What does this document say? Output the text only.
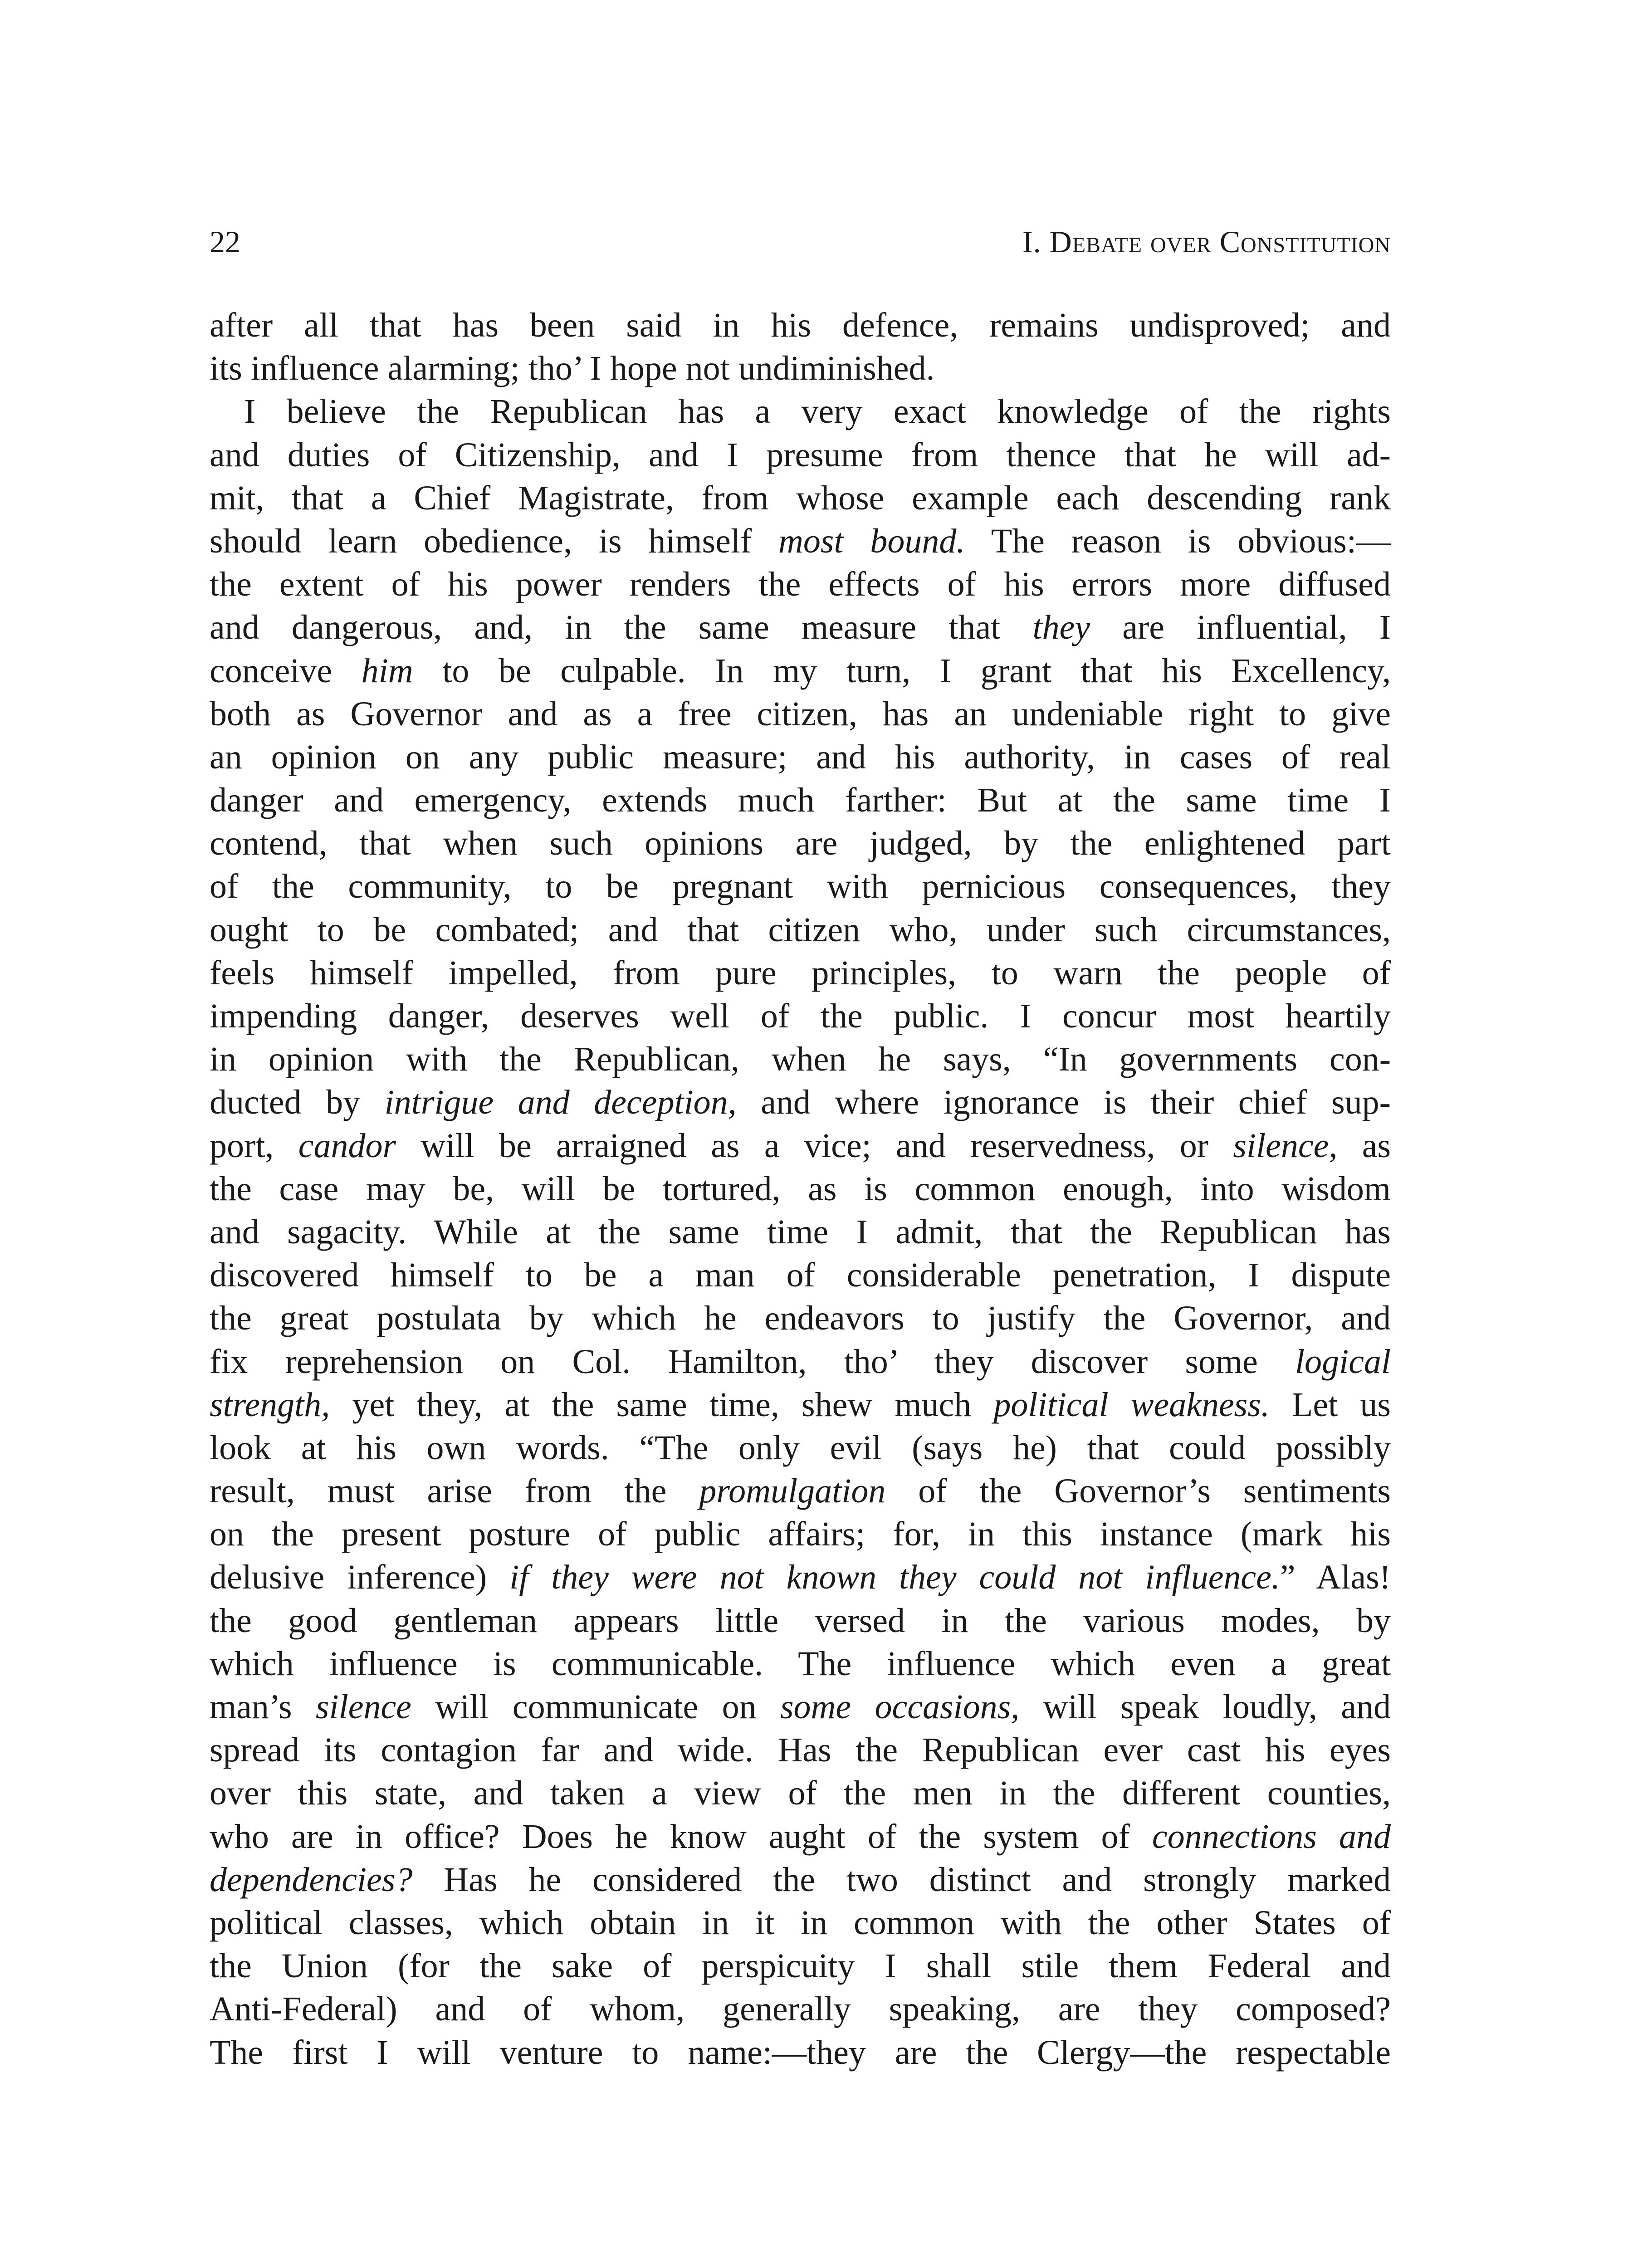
22	I. Debate over Constitution
after all that has been said in his defence, remains undisproved; and
its influence alarming; tho’ I hope not undiminished.
I believe the Republican has a very exact knowledge of the rights
and duties of Citizenship, and I presume from thence that he will ad-
mit, that a Chief Magistrate, from whose example each descending rank
should learn obedience, is himself most bound. The reason is obvious:—
the extent of his power renders the effects of his errors more diffused
and dangerous, and, in the same measure that they are influential, I
conceive him to be culpable. In my turn, I grant that his Excellency,
both as Governor and as a free citizen, has an undeniable right to give
an opinion on any public measure; and his authority, in cases of real
danger and emergency, extends much farther: But at the same time I
contend, that when such opinions are judged, by the enlightened part
of the community, to be pregnant with pernicious consequences, they
ought to be combated; and that citizen who, under such circumstances,
feels himself impelled, from pure principles, to warn the people of
impending danger, deserves well of the public. I concur most heartily
in opinion with the Republican, when he says, “In governments con-
ducted by intrigue and deception, and where ignorance is their chief sup-
port, candor will be arraigned as a vice; and reservedness, or silence, as
the case may be, will be tortured, as is common enough, into wisdom
and sagacity. While at the same time I admit, that the Republican has
discovered himself to be a man of considerable penetration, I dispute
the great postulata by which he endeavors to justify the Governor, and
fix reprehension on Col. Hamilton, tho’ they discover some logical
strength, yet they, at the same time, shew much political weakness. Let us
look at his own words. “The only evil (says he) that could possibly
result, must arise from the promulgation of the Governor’s sentiments
on the present posture of public affairs; for, in this instance (mark his
delusive inference) if they were not known they could not influence.” Alas!
the good gentleman appears little versed in the various modes, by
which influence is communicable. The influence which even a great
man’s silence will communicate on some occasions, will speak loudly, and
spread its contagion far and wide. Has the Republican ever cast his eyes
over this state, and taken a view of the men in the different counties,
who are in office? Does he know aught of the system of connections and
dependencies? Has he considered the two distinct and strongly marked
political classes, which obtain in it in common with the other States of
the Union (for the sake of perspicuity I shall stile them Federal and
Anti-Federal) and of whom, generally speaking, are they composed?
The first I will venture to name:—they are the Clergy—the respectable
